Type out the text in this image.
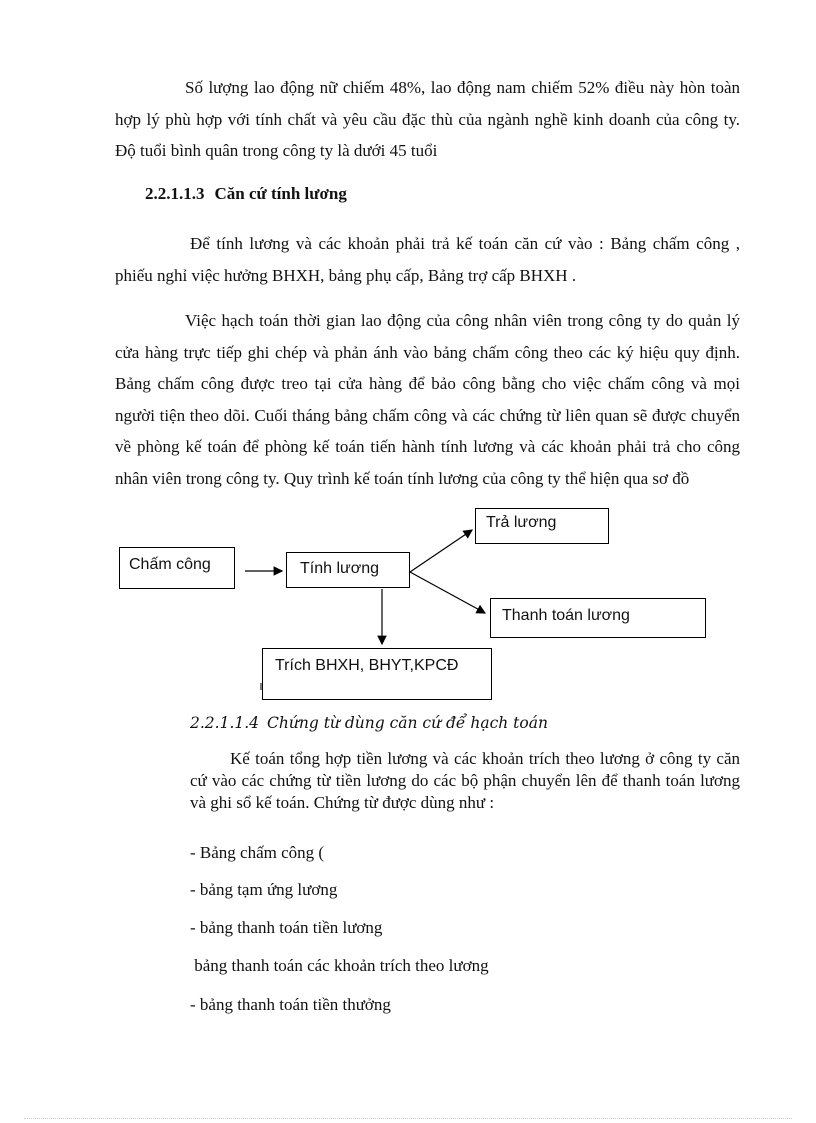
Số lượng lao động nữ chiếm 48%, lao động nam chiếm 52% điều này hòn toàn hợp lý phù hợp với tính chất và yêu cầu đặc thù của ngành nghề kinh doanh của công ty. Độ tuổi bình quân trong công ty là dưới 45 tuổi

2.2.1.1.3 Căn cứ tính lương

Để tính lương và các khoản phải trả kế toán căn cứ vào : Bảng chấm công , phiếu nghỉ việc hưởng BHXH, bảng phụ cấp, Bảng trợ cấp BHXH .

Việc hạch toán thời gian lao động của công nhân viên trong công ty do quản lý cửa hàng trực tiếp ghi chép và phản ánh vào bảng chấm công theo các ký hiệu quy định. Bảng chấm công được treo tại cửa hàng để bảo công bằng cho việc chấm công và mọi người tiện theo dõi. Cuối tháng bảng chấm công và các chứng từ liên quan sẽ được chuyển về phòng kế toán để phòng kế toán tiến hành tính lương và các khoản phải trả cho công nhân viên trong công ty. Quy trình kế toán tính lương của công ty thể hiện qua sơ đồ

Chấm công	Tính lương
Trả lương
Thanh toán lương
Trích BHXH, BHYT,KPCĐ

2.2.1.1.4 Chứng từ dùng căn cứ để hạch toán

Kế toán tổng hợp tiền lương và các khoản trích theo lương ở công ty căn cứ vào các chứng từ tiền lương do các bộ phận chuyển lên để thanh toán lương và ghi sổ kế toán. Chứng từ được dùng như :

- Bảng chấm công (

- bảng tạm ứng lương

- bảng thanh toán tiền lương

bảng thanh toán các khoản trích theo lương

- bảng thanh toán tiền thưởng
